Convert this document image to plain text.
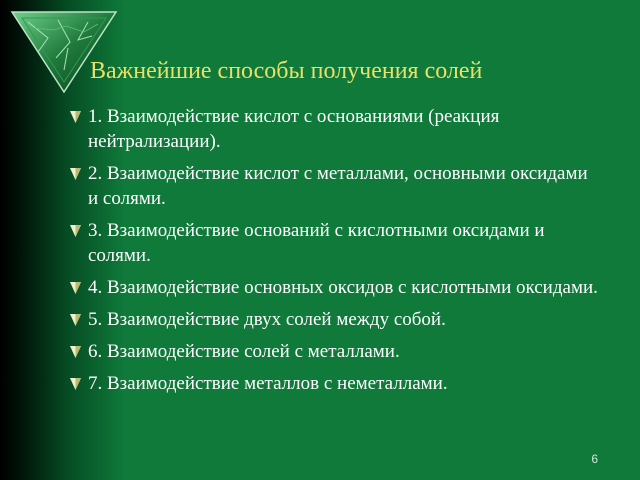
Важнейшие способы получения солей
1. Взаимодействие кислот с основаниями (реакция нейтрализации).
2. Взаимодействие кислот с металлами, основными оксидами и солями.
3. Взаимодействие оснований с кислотными оксидами и солями.
4. Взаимодействие основных оксидов с кислотными оксидами.
5. Взаимодействие двух солей между собой.
6. Взаимодействие солей с металлами.
7. Взаимодействие металлов с неметаллами.
6
